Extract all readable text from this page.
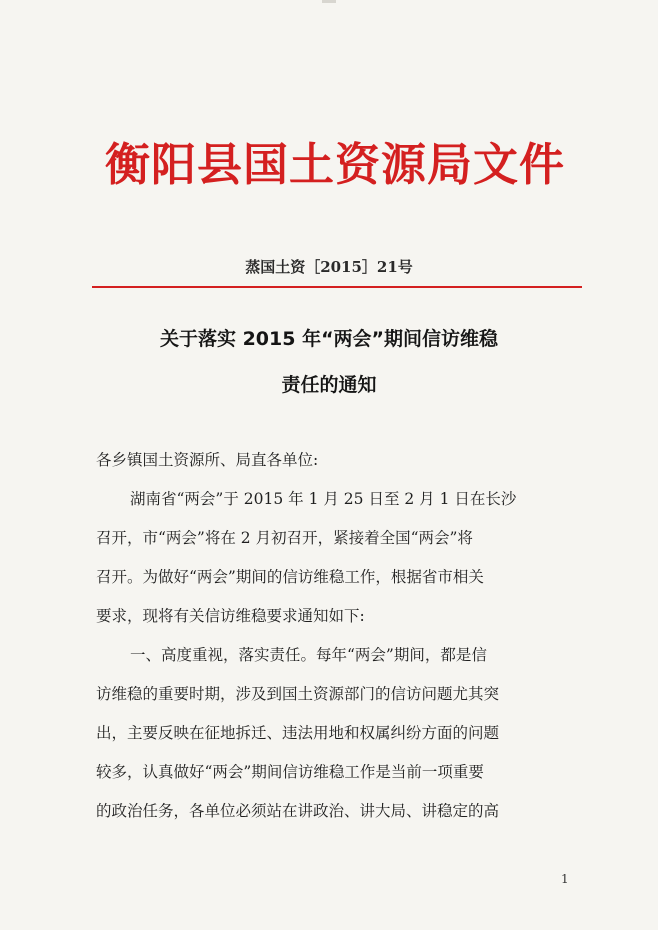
衡阳县国土资源局文件
蒸国土资［2015］21号
关于落实 2015 年“两会”期间信访维稳
责任的通知
各乡镇国土资源所、局直各单位:
湖南省“两会”于 2015 年 1 月 25 日至 2 月 1 日在长沙
召开，市“两会”将在 2 月初召开，紧接着全国“两会”将
召开。为做好“两会”期间的信访维稳工作，根据省市相关
要求，现将有关信访维稳要求通知如下:
一、高度重视，落实责任。每年“两会”期间，都是信
访维稳的重要时期，涉及到国土资源部门的信访问题尤其突
出，主要反映在征地拆迁、违法用地和权属纠纷方面的问题
较多，认真做好“两会”期间信访维稳工作是当前一项重要
的政治任务，各单位必须站在讲政治、讲大局、讲稳定的高
1
